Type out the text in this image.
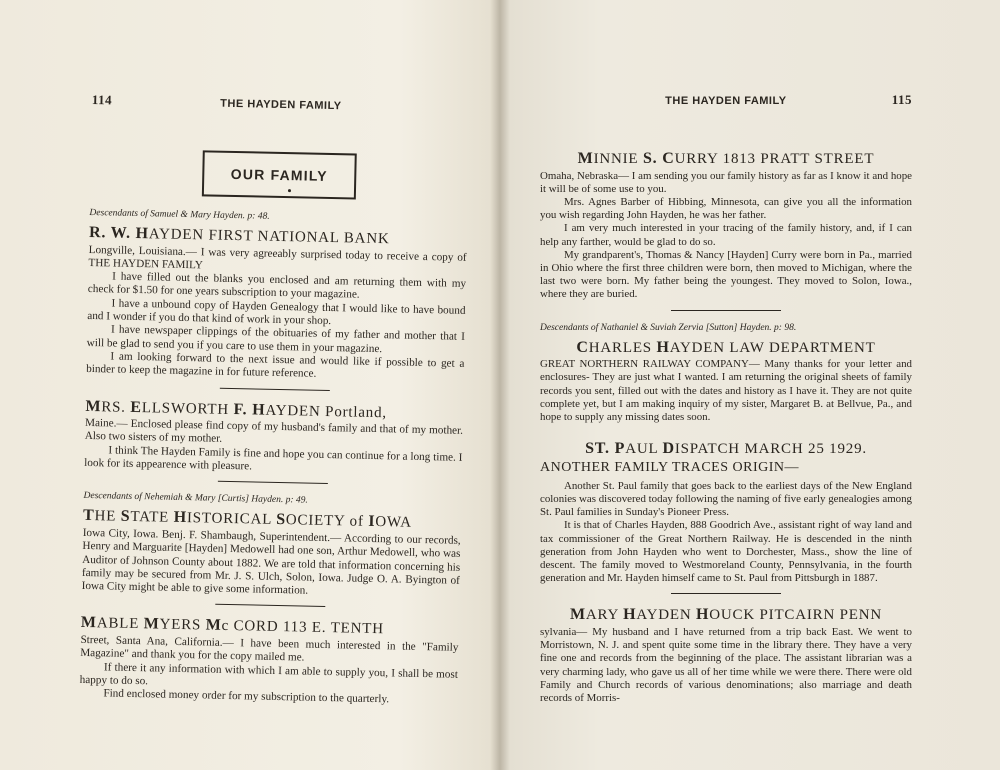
114	THE HAYDEN FAMILY
OUR FAMILY
Descendants of Samuel & Mary Hayden. p: 48.
R. W. HAYDEN FIRST NATIONAL BANK

Longville, Louisiana.— I was very agreeably surprised today to receive a copy of THE HAYDEN FAMILY

I have filled out the blanks you enclosed and am returning them with my check for $1.50 for one years subscription to your magazine.

I have a unbound copy of Hayden Genealogy that I would like to have bound and I wonder if you do that kind of work in your shop.

I have newspaper clippings of the obituaries of my father and mother that I will be glad to send you if you care to use them in your magazine.

I am looking forward to the next issue and would like if possible to get a binder to keep the magazine in for future reference.

MRS. ELLSWORTH F. HAYDEN Portland,

Maine.— Enclosed please find copy of my husband's family and that of my mother. Also two sisters of my mother.

I think The Hayden Family is fine and hope you can continue for a long time. I look for its appearence with pleasure.

Descendants of Nehemiah & Mary [Curtis] Hayden. p: 49.
THE STATE HISTORICAL SOCIETY of IOWA

Iowa City, Iowa. Benj. F. Shambaugh, Superintendent.— According to our records, Henry and Marguarite [Hayden] Medowell had one son, Arthur Medowell, who was Auditor of Johnson County about 1882. We are told that information concerning his family may be secured from Mr. J. S. Ulch, Solon, Iowa. Judge O. A. Byington of Iowa City might be able to give some information.

MABLE MYERS Mc CORD 113 E. TENTH

Street, Santa Ana, California.— I have been much interested in the "Family Magazine" and thank you for the copy mailed me.

If there it any information with which I am able to supply you, I shall be most happy to do so.

Find enclosed money order for my subscription to the quarterly.

THE HAYDEN FAMILY	115
MINNIE S. CURRY 1813 PRATT STREET

Omaha, Nebraska— I am sending you our family history as far as I know it and hope it will be of some use to you.

Mrs. Agnes Barber of Hibbing, Minnesota, can give you all the information you wish regarding John Hayden, he was her father.

I am very much interested in your tracing of the family history, and, if I can help any farther, would be glad to do so.

My grandparent's, Thomas & Nancy [Hayden] Curry were born in Pa., married in Ohio where the first three children were born, then moved to Michigan, where the last two were born. My father being the youngest. They moved to Solon, Iowa., where they are buried.

Descendants of Nathaniel & Suviah Zervia [Sutton] Hayden. p: 98.
CHARLES HAYDEN LAW DEPARTMENT

GREAT NORTHERN RAILWAY COMPANY— Many thanks for your letter and enclosures- They are just what I wanted. I am returning the original sheets of family records you sent, filled out with the dates and history as I have it. They are not quite complete yet, but I am making inquiry of my sister, Margaret B. at Bellvue, Pa., and hope to supply any missing dates soon.

ST. PAUL DISPATCH MARCH 25 1929.
ANOTHER FAMILY TRACES ORIGIN—

Another St. Paul family that goes back to the earliest days of the New England colonies was discovered today following the naming of five early genealogies among St. Paul families in Sunday's Pioneer Press.

It is that of Charles Hayden, 888 Goodrich Ave., assistant right of way land and tax commissioner of the Great Northern Railway. He is descended in the ninth generation from John Hayden who went to Dorchester, Mass., show the line of descent. The family moved to Westmoreland County, Pennsylvania, in the fourth generation and Mr. Hayden himself came to St. Paul from Pittsburgh in 1887.

MARY HAYDEN HOUCK PITCAIRN PENN

sylvania— My husband and I have returned from a trip back East. We went to Morristown, N. J. and spent quite some time in the library there. They have a very fine one and records from the beginning of the place. The assistant librarian was a very charming lady, who gave us all of her time while we were there. There were old Family and Church records of various denominations; also marriage and death records of Morris-
